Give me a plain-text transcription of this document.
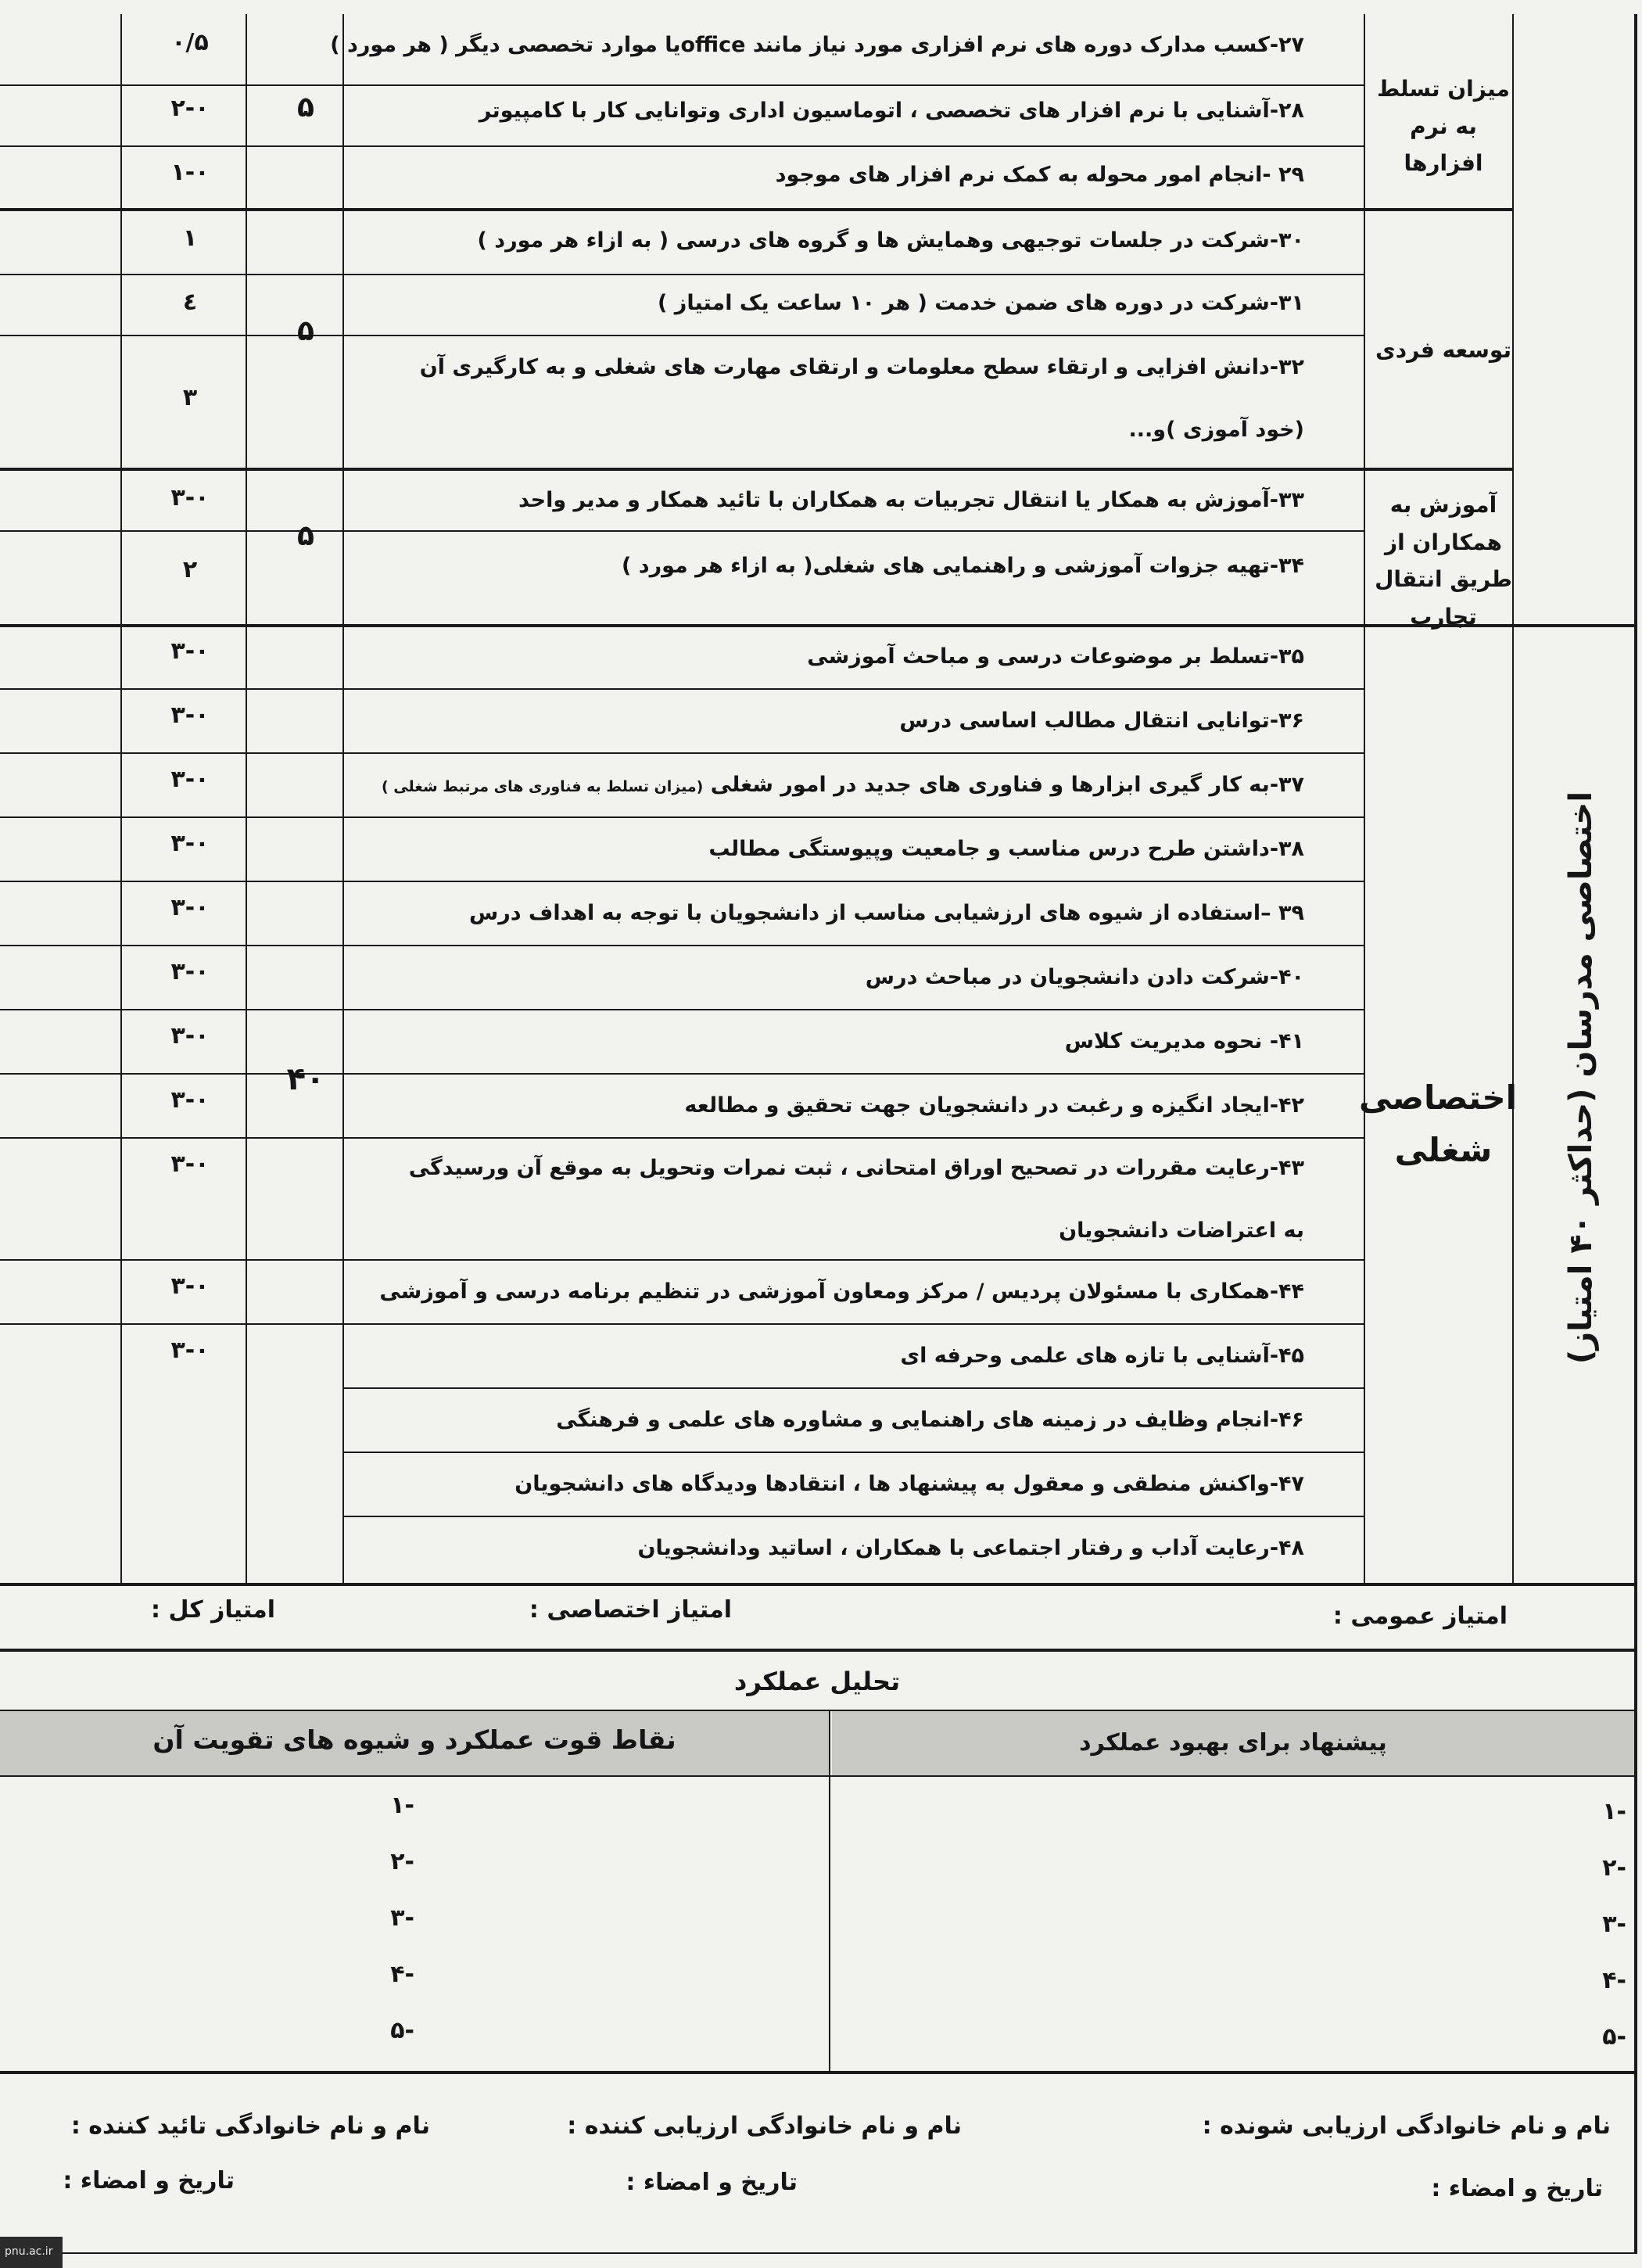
میزان تسلط به نرم افزارها
۵
۲۷-کسب مدارک دوره های نرم افزاری مورد نیاز مانند officeیا موارد تخصصی دیگر ( هر مورد )
۰/۵
۲۸-آشنایی با نرم افزار های تخصصی ، اتوماسیون اداری وتوانایی کار با کامپیوتر
۲-۰
۲۹ -انجام امور محوله به کمک نرم افزار های موجود
۱-۰
توسعه فردی
۵
۳۰-شرکت در جلسات توجیهی وهمایش ها و گروه های درسی ( به ازاء هر مورد )
۱
۳۱-شرکت در دوره های ضمن خدمت ( هر ۱۰ ساعت یک امتیاز )
٤
۳۲-دانش افزایی و ارتقاء سطح معلومات و ارتقای مهارت های شغلی و به کارگیری آن
(خود آموزی )و...
۳
آموزش به همکاران از طریق انتقال تجارب
۵
۳۳-آموزش به همکار یا انتقال تجربیات به همکاران با تائید همکار و مدیر واحد
۳-۰
۳۴-تهیه جزوات آموزشی و راهنمایی های شغلی( به ازاء هر مورد )
۲
اختصاصی شغلی
اختصاصی مدرسان (حداکثر ۴۰ امتیاز)
۴۰
۳۵-تسلط بر موضوعات درسی و مباحث آموزشی
۳-۰
۳۶-توانایی انتقال مطالب اساسی درس
۳-۰
۳۷-به کار گیری ابزارها و فناوری های جدید در امور شغلی (میزان تسلط به فناوری های مرتبط شغلی )
۳-۰
۳۸-داشتن طرح درس مناسب و جامعیت وپیوستگی مطالب
۳-۰
۳۹ –استفاده از شیوه های ارزشیابی مناسب از دانشجویان با توجه به اهداف درس
۳-۰
۴۰-شرکت دادن دانشجویان در مباحث درس
۳-۰
۴۱- نحوه مدیریت کلاس
۳-۰
۴۲-ایجاد انگیزه و رغبت در دانشجویان جهت تحقیق و مطالعه
۳-۰
۴۳-رعایت مقررات در تصحیح اوراق امتحانی ، ثبت نمرات وتحویل به موقع آن ورسیدگی
به اعتراضات دانشجویان
۳-۰
۴۴-همکاری با مسئولان پردیس / مرکز ومعاون آموزشی در تنظیم برنامه درسی و آموزشی
۳-۰
۴۵-آشنایی با تازه های علمی وحرفه ای
۳-۰
۴۶-انجام وظایف در زمینه های راهنمایی و مشاوره های علمی و فرهنگی
۴۷-واکنش منطقی و معقول به پیشنهاد ها ، انتقادها ودیدگاه های دانشجویان
۴۸-رعایت آداب و رفتار اجتماعی با همکاران ، اساتید ودانشجویان
امتیاز عمومی :
امتیاز اختصاصی :
امتیاز کل :
تحلیل عملکرد
پیشنهاد برای بهبود عملکرد
نقاط قوت عملکرد و شیوه های تقویت آن
-۱
-۲
-۳
-۴
-۵
-۱
-۲
-۳
-۴
-۵
نام و نام خانوادگی ارزیابی شونده :
نام و نام خانوادگی ارزیابی کننده :
نام و نام خانوادگی تائید کننده :
تاریخ و امضاء :
تاریخ و امضاء :
تاریخ و امضاء :
pnu.ac.ir
